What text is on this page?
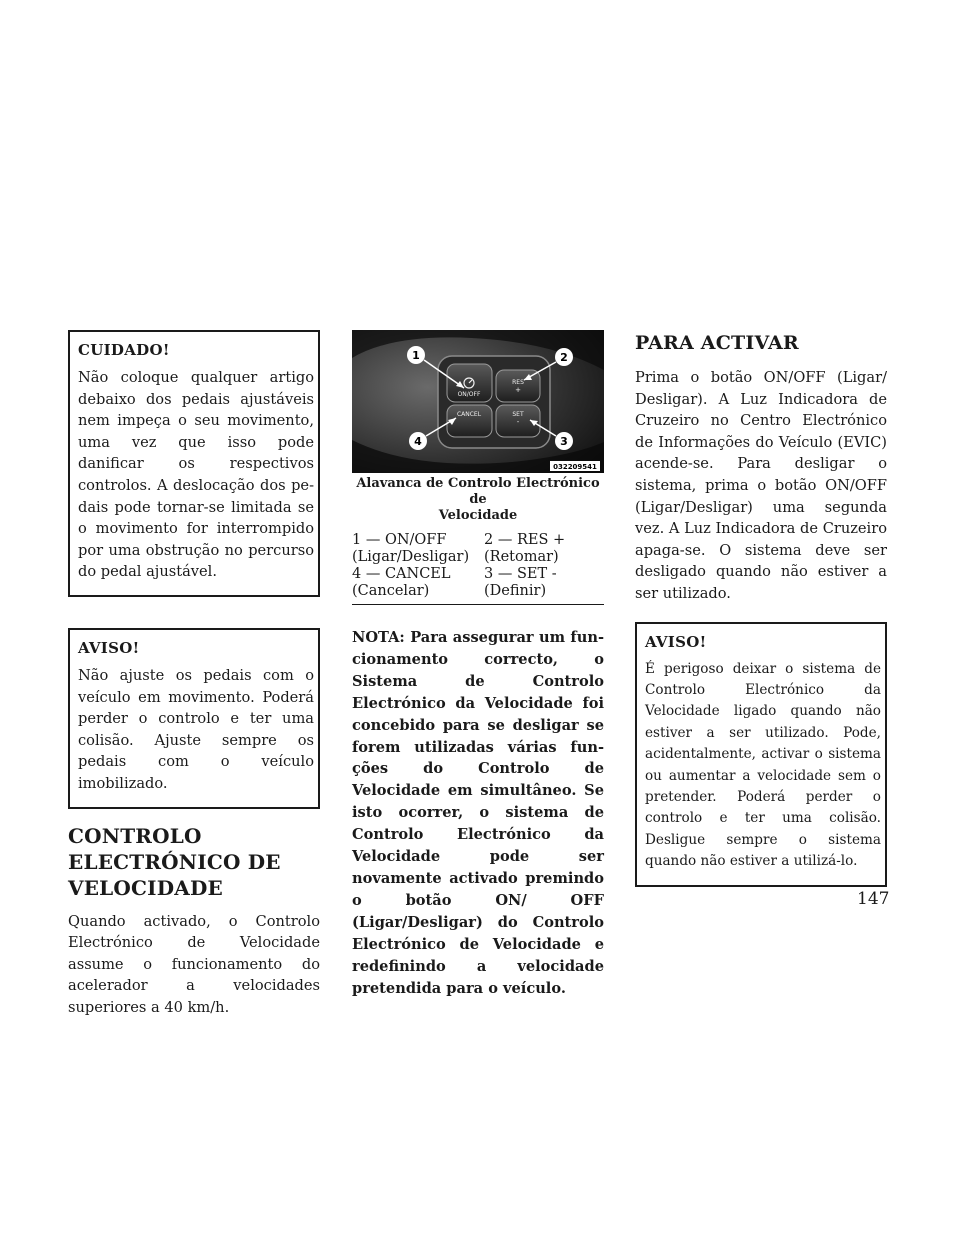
CUIDADO!

Não coloque qualquer artigo debaixo dos pedais ajustáveis nem impeça o seu movimento, uma vez que isso pode danificar os respectivos controlos. A deslocação dos pedais pode tornar-se limitada se o movimento for interrompido por uma obstrução no percurso do pedal ajustável.

AVISO!

Não ajuste os pedais com o veículo em movimento. Poderá perder o controlo e ter uma colisão. Ajuste sempre os pedais com o veículo imobilizado.

CONTROLO
ELECTRÓNICO DE
VELOCIDADE

Quando activado, o Controlo Electrónico de Velocidade assume o funcionamento do acelerador a velocidades superiores a 40 km/h.

ON/OFF
RES
+
CANCEL	SET
-
1	2
3
4
032209541
Alavanca de Controlo Electrónico de
Velocidade
1 — ON/OFF
(Ligar/Desligar)
2 — RES +
(Retomar)
4 — CANCEL
(Cancelar)
3 — SET -
(Definir)

NOTA: Para assegurar um funcionamento correcto, o Sistema de Controlo Electrónico da Velocidade foi concebido para se desligar se forem utilizadas várias funções do Controlo de Velocidade em simultâneo. Se isto ocorrer, o sistema de Controlo Electrónico da Velocidade pode ser novamente activado premindo o botão ON/ OFF (Ligar/Desligar) do Controlo Electrónico de Velocidade e redefinindo a velocidade pretendida para o veículo.

PARA ACTIVAR

Prima o botão ON/OFF (Ligar/ Desligar). A Luz Indicadora de Cruzeiro no Centro Electrónico de Informações do Veículo (EVIC) acende-se. Para desligar o sistema, prima o botão ON/OFF (Ligar/Desligar) uma segunda vez. A Luz Indicadora de Cruzeiro apaga-se. O sistema deve ser desligado quando não estiver a ser utilizado.

AVISO!

É perigoso deixar o sistema de Controlo Electrónico da Velocidade ligado quando não estiver a ser utilizado. Pode, acidentalmente, activar o sistema ou aumentar a velocidade sem o pretender. Poderá perder o controlo e ter uma colisão. Desligue sempre o sistema quando não estiver a utilizá-lo.

147
